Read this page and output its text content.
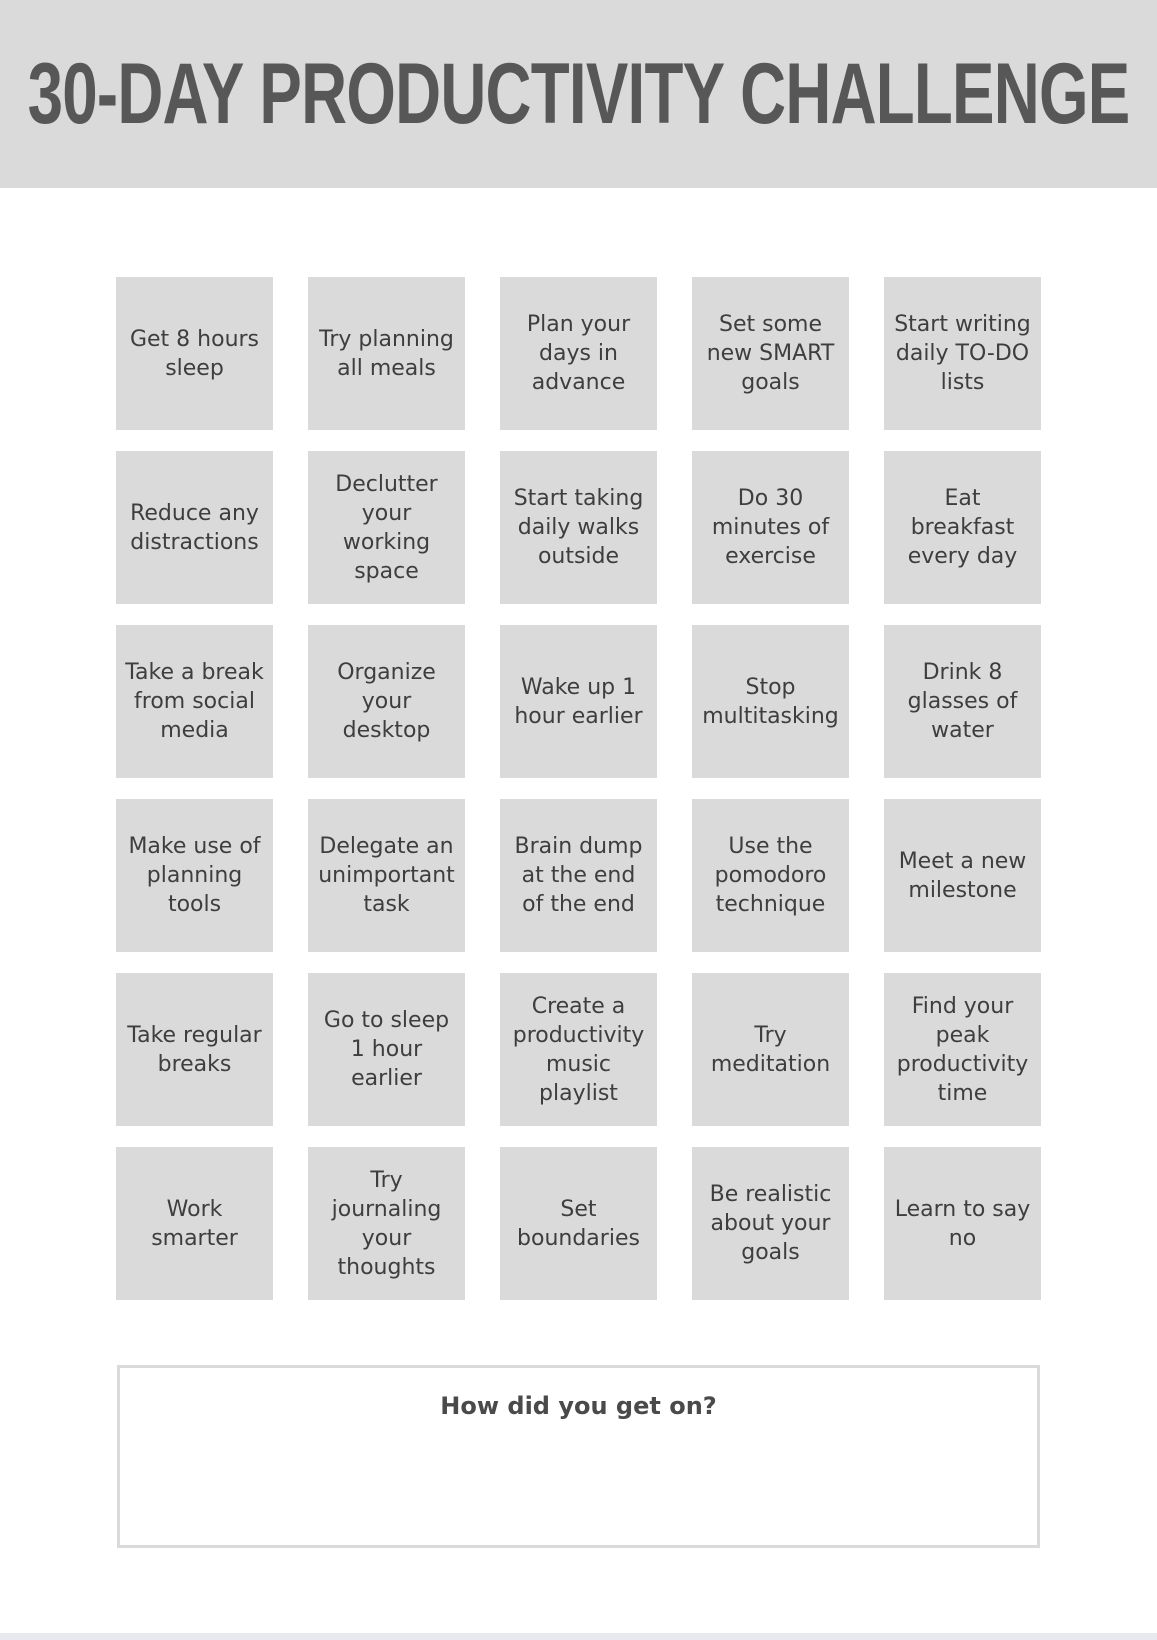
30-DAY PRODUCTIVITY CHALLENGE
Get 8 hours sleep
Try planning all meals
Plan your days in advance
Set some new SMART goals
Start writing daily TO-DO lists
Reduce any distractions
Declutter your working space
Start taking daily walks outside
Do 30 minutes of exercise
Eat breakfast every day
Take a break from social media
Organize your desktop
Wake up 1 hour earlier
Stop multitasking
Drink 8 glasses of water
Make use of planning tools
Delegate an unimportant task
Brain dump at the end of the end
Use the pomodoro technique
Meet a new milestone
Take regular breaks
Go to sleep 1 hour earlier
Create a productivity music playlist
Try meditation
Find your peak productivity time
Work smarter
Try journaling your thoughts
Set boundaries
Be realistic about your goals
Learn to say no
How did you get on?
